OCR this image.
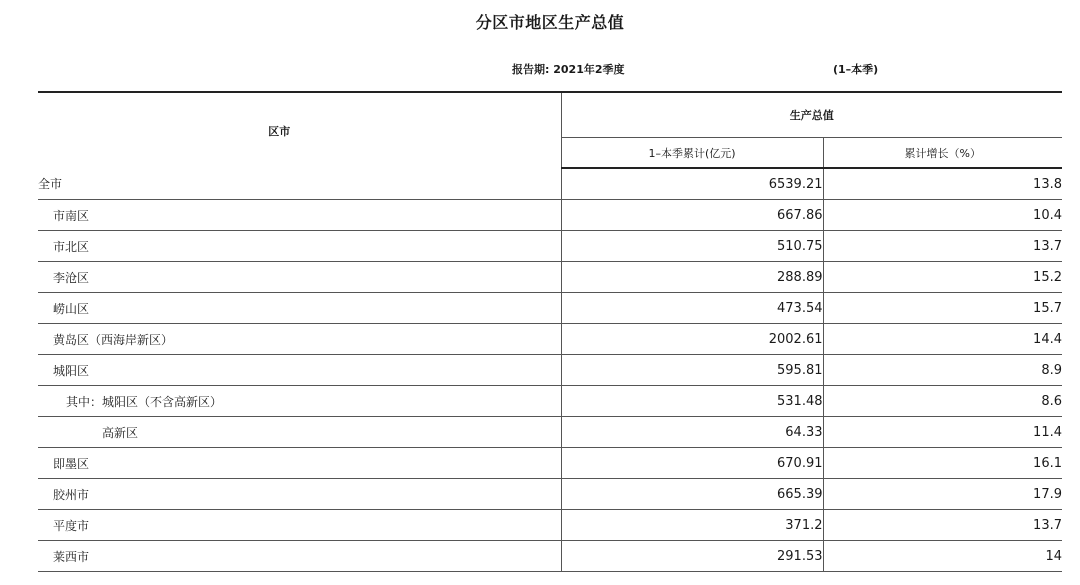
分区市地区生产总值
报告期: 2021年2季度	(1–本季)
区市	生产总值	
	1–本季累计(亿元)	累计增长（%）
全市	6539.21	13.8
市南区	667.86	10.4
市北区	510.75	13.7
李沧区	288.89	15.2
崂山区	473.54	15.7
黄岛区（西海岸新区）	2002.61	14.4
城阳区	595.81	8.9
其中：城阳区（不含高新区）	531.48	8.6
高新区	64.33	11.4
即墨区	670.91	16.1
胶州市	665.39	17.9
平度市	371.2	13.7
莱西市	291.53	14
